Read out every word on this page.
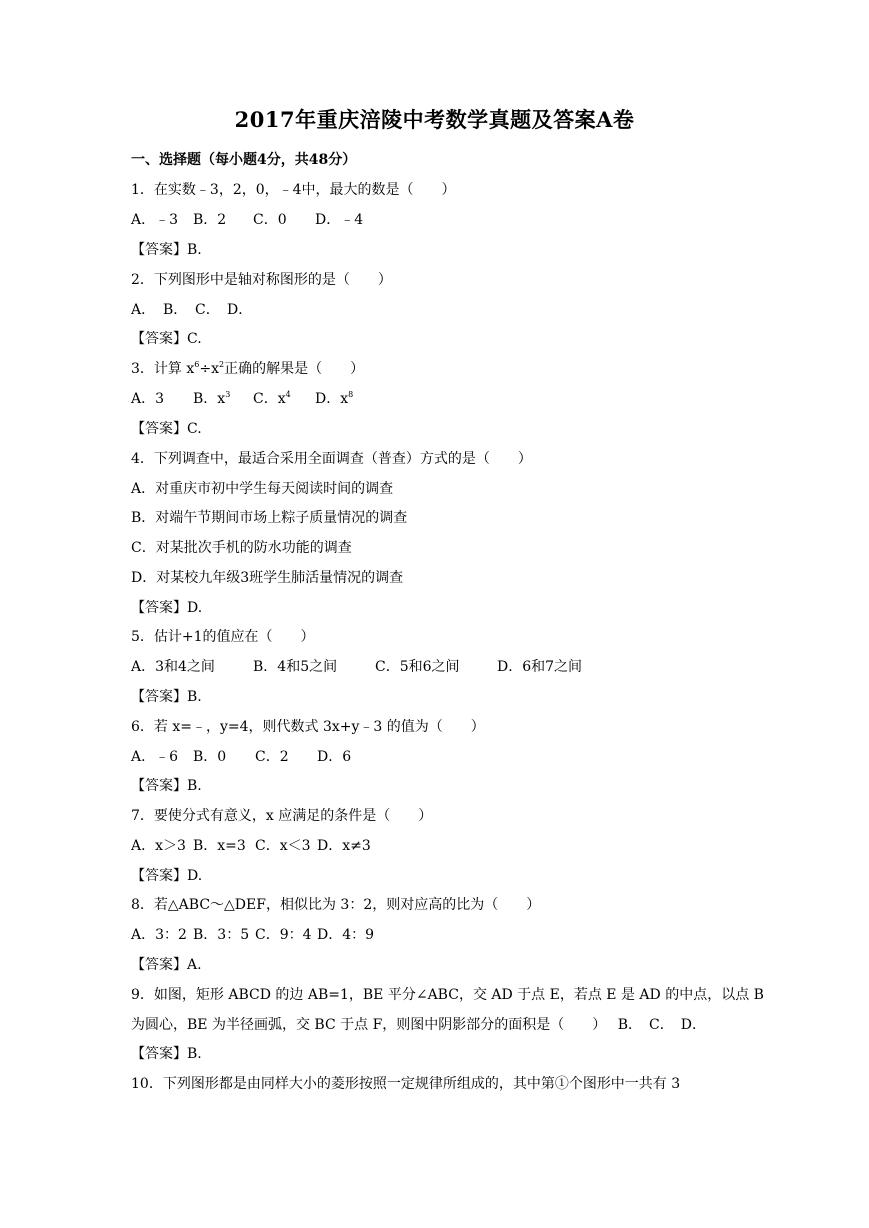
2017年重庆涪陵中考数学真题及答案A卷
一、选择题（每小题4分，共48分）
1．在实数﹣3，2，0，﹣4中，最大的数是（　　）
A．﹣3 B．2 C．0 D．﹣4
【答案】B.
2．下列图形中是轴对称图形的是（　　）
A． B． C． D．
【答案】C.
3．计算 $x^6\div x^2$正确的解果是（　　）
A．3 B．$x^3$ C．$x^4$ D．$x^8$
【答案】C.
4．下列调查中，最适合采用全面调查（普查）方式的是（　　）
A．对重庆市初中学生每天阅读时间的调查
B．对端午节期间市场上粽子质量情况的调查
C．对某批次手机的防水功能的调查
D．对某校九年级3班学生肺活量情况的调查
【答案】D.
5．估计+1的值应在（　　）
A．3和4之间	B．4和5之间	C．5和6之间	D．6和7之间
【答案】B.
6．若 x=﹣，y=4，则代数式 3x+y﹣3 的值为（　　）
A．﹣6 B．0 C．2 D．6
【答案】B.
7．要使分式有意义，x 应满足的条件是（　　）
A．x＞3 B．x=3 C．x＜3 D．x≠3
【答案】D.
8．若△ABC～△DEF，相似比为 3：2，则对应高的比为（　　）
A．3：2 B．3：5 C．9：4 D．4：9
【答案】A.
9．如图，矩形 ABCD 的边 AB=1，BE 平分∠ABC，交 AD 于点 E，若点 E 是 AD 的中点，以点 B
为圆心，BE 为半径画弧，交 BC 于点 F，则图中阴影部分的面积是（　　）　 B．　C．　D．
【答案】B.
10．下列图形都是由同样大小的菱形按照一定规律所组成的，其中第①个图形中一共有 3
